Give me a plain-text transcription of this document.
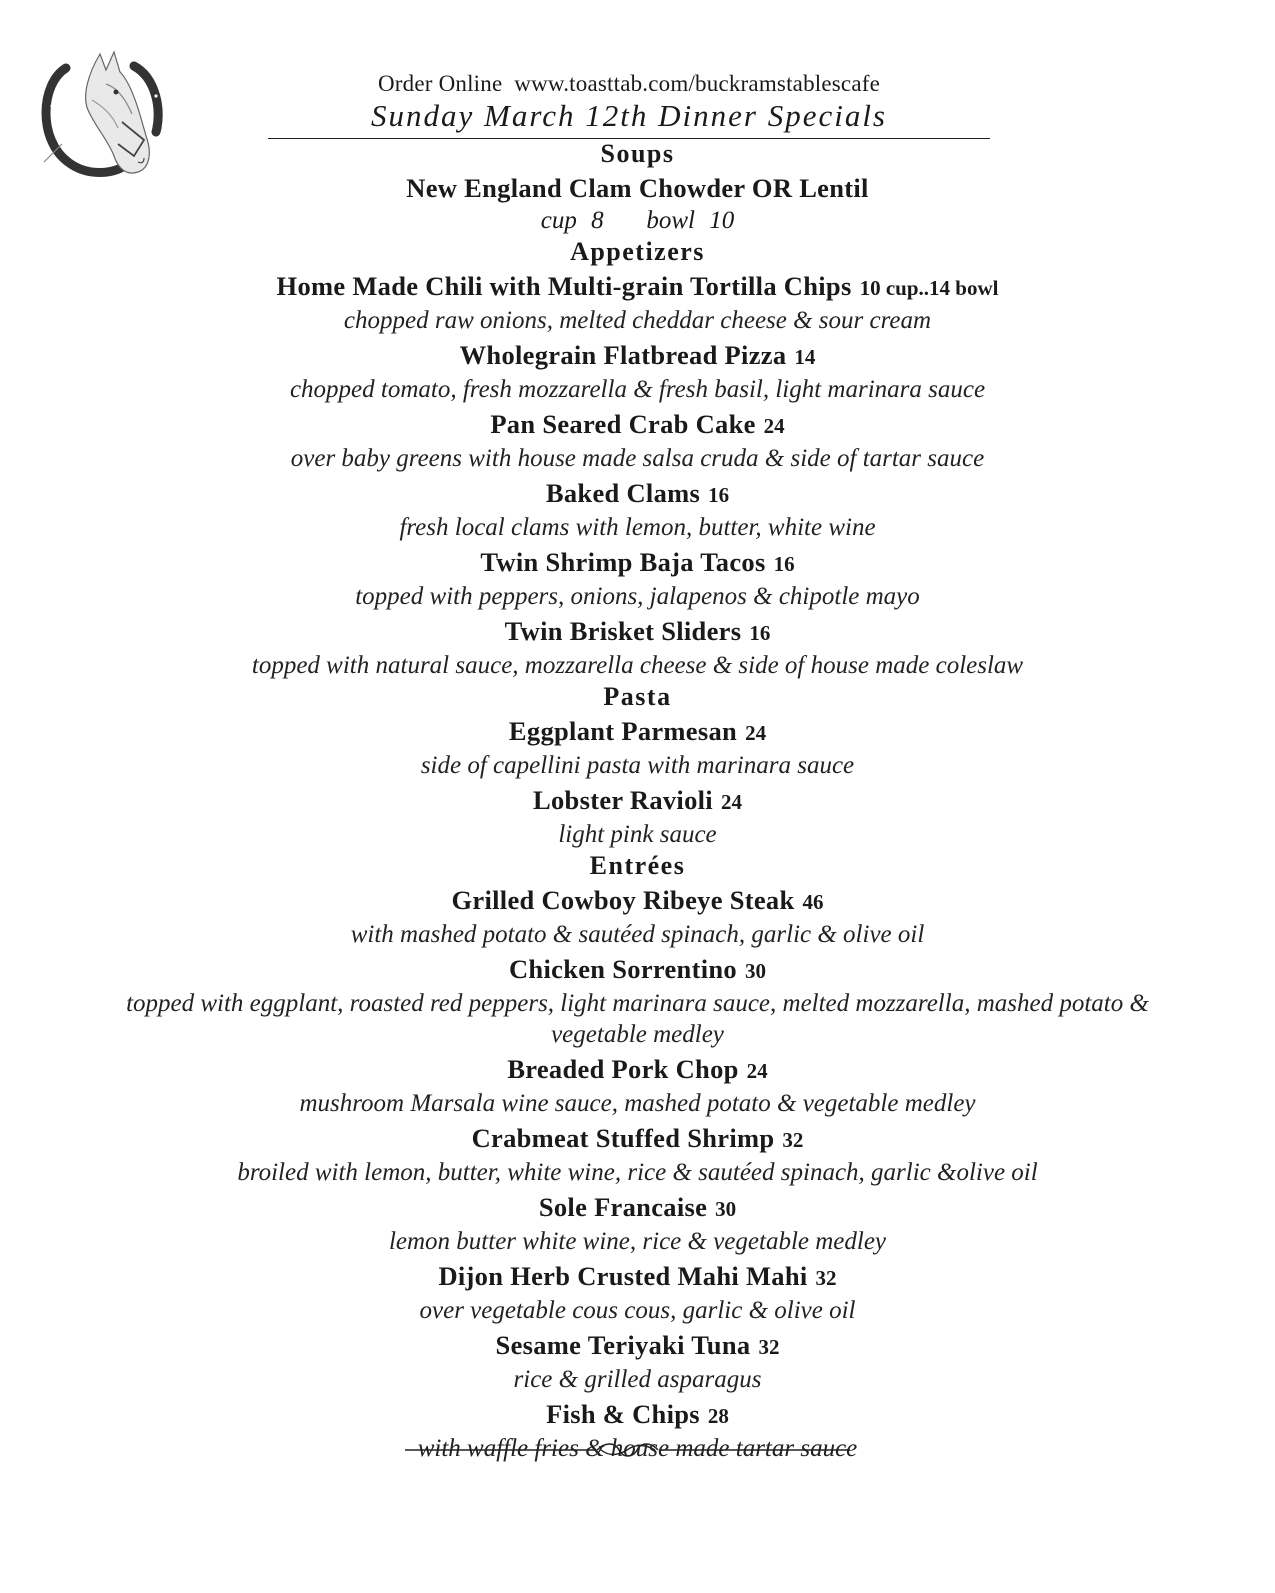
Order Online  www.toasttab.com/buckramstablescafe
Sunday March 12th Dinner Specials
Soups
New England Clam Chowder OR Lentil
cup 8   bowl 10
Appetizers
Home Made Chili with Multi-grain Tortilla Chips 10 cup..14 bowl
chopped raw onions, melted cheddar cheese & sour cream
Wholegrain Flatbread Pizza 14
chopped tomato, fresh mozzarella & fresh basil, light marinara sauce
Pan Seared Crab Cake 24
over baby greens with house made salsa cruda & side of tartar sauce
Baked Clams 16
fresh local clams with lemon, butter, white wine
Twin Shrimp Baja Tacos 16
topped with peppers, onions, jalapenos & chipotle mayo
Twin Brisket Sliders 16
topped with natural sauce, mozzarella cheese & side of house made coleslaw
Pasta
Eggplant Parmesan 24
side of capellini pasta with marinara sauce
Lobster Ravioli 24
light pink sauce
Entrées
Grilled Cowboy Ribeye Steak 46
with mashed potato & sautéed spinach, garlic & olive oil
Chicken Sorrentino 30
topped with eggplant, roasted red peppers, light marinara sauce, melted mozzarella, mashed potato & vegetable medley
Breaded Pork Chop 24
mushroom Marsala wine sauce, mashed potato & vegetable medley
Crabmeat Stuffed Shrimp 32
broiled with lemon, butter, white wine, rice & sautéed spinach, garlic &olive oil
Sole Francaise 30
lemon butter white wine, rice & vegetable medley
Dijon Herb Crusted Mahi Mahi 32
over vegetable cous cous, garlic & olive oil
Sesame Teriyaki Tuna 32
rice & grilled asparagus
Fish & Chips 28
with waffle fries & house made tartar sauce
